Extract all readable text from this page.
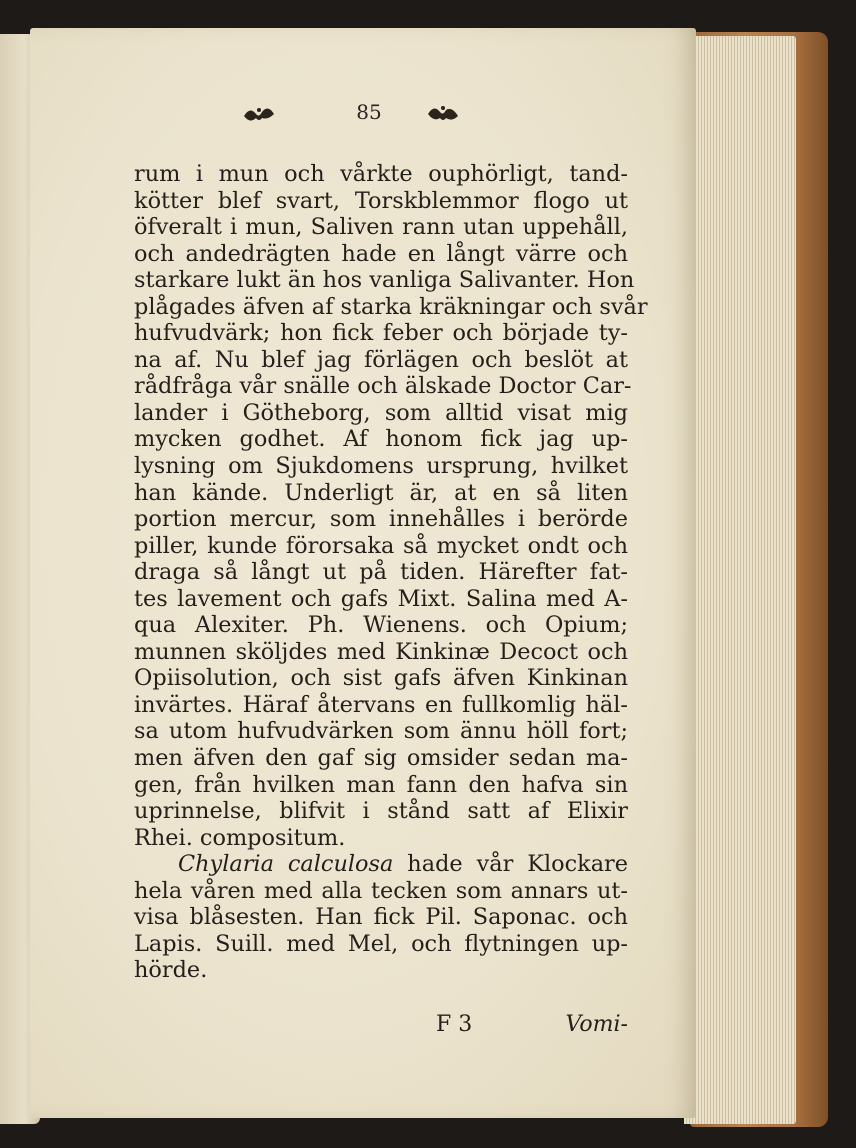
85
rum i mun och vårkte ouphörligt, tand-
kötter blef svart, Torskblemmor flogo ut
öfveralt i mun, Saliven rann utan uppehåll,
och andedrägten hade en långt värre och
starkare lukt än hos vanliga Salivanter. Hon
plågades äfven af starka kräkningar och svår
hufvudvärk; hon fick feber och började ty-
na af. Nu blef jag förlägen och beslöt at
rådfråga vår snälle och älskade Doctor Car-
lander i Götheborg, som alltid visat mig
mycken godhet. Af honom fick jag up-
lysning om Sjukdomens ursprung, hvilket
han kände. Underligt är, at en så liten
portion mercur, som innehålles i berörde
piller, kunde förorsaka så mycket ondt och
draga så långt ut på tiden. Härefter fat-
tes lavement och gafs Mixt. Salina med A-
qua Alexiter. Ph. Wienens. och Opium;
munnen sköljdes med Kinkinæ Decoct och
Opiisolution, och sist gafs äfven Kinkinan
invärtes. Häraf återvans en fullkomlig häl-
sa utom hufvudvärken som ännu höll fort;
men äfven den gaf sig omsider sedan ma-
gen, från hvilken man fann den hafva sin
uprinnelse, blifvit i stånd satt af Elixir
Rhei. compositum.
Chylaria calculosa hade vår Klockare
hela våren med alla tecken som annars ut-
visa blåsesten. Han fick Pil. Saponac. och
Lapis. Suill. med Mel, och flytningen up-
hörde.
F 3	Vomi-
